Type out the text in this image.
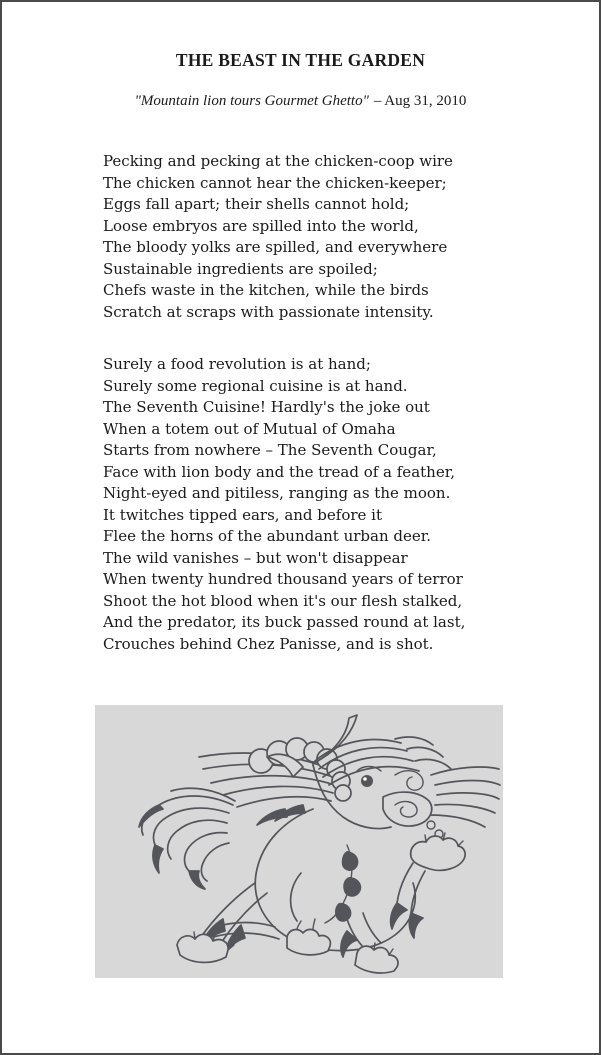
THE BEAST IN THE GARDEN

"Mountain lion tours Gourmet Ghetto" – Aug 31, 2010

Pecking and pecking at the chicken-coop wire
The chicken cannot hear the chicken-keeper;
Eggs fall apart; their shells cannot hold;
Loose embryos are spilled into the world,
The bloody yolks are spilled, and everywhere
Sustainable ingredients are spoiled;
Chefs waste in the kitchen, while the birds
Scratch at scraps with passionate intensity.
Surely a food revolution is at hand;
Surely some regional cuisine is at hand.
The Seventh Cuisine! Hardly's the joke out
When a totem out of Mutual of Omaha
Starts from nowhere – The Seventh Cougar,
Face with lion body and the tread of a feather,
Night-eyed and pitiless, ranging as the moon.
It twitches tipped ears, and before it
Flee the horns of the abundant urban deer.
The wild vanishes – but won't disappear
When twenty hundred thousand years of terror
Shoot the hot blood when it's our flesh stalked,
And the predator, its buck passed round at last,
Crouches behind Chez Panisse, and is shot.
